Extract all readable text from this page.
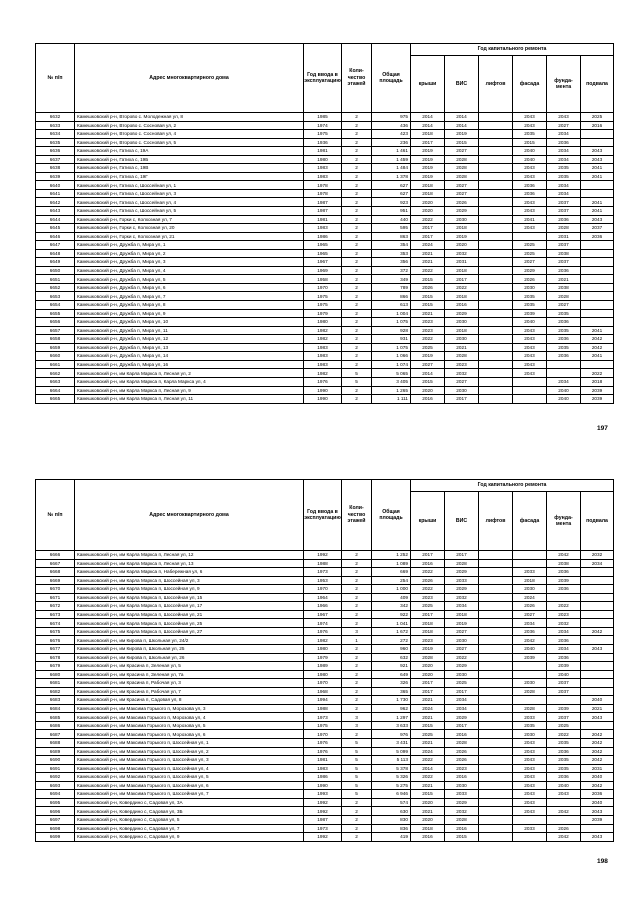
№ п/п	Адрес многоквартирного дома	Год ввода в эксплуатацию	Коли-чество этажей	Общая площадь	Год капитального ремонта					
					крыши	ВИС	лифтов	фасада	фунда-мента	подвала
6632	Камешковский р-н, Второво с. Молодежная ул, 8	1985	2	975	2014	2014		2043	2043	2025
6633	Камешковский р-н, Второво с. Сосновая ул, 2	1974	2	436	2014	2014		2043	2027	2016
6634	Камешковский р-н, Второво с. Сосновая ул, 4	1975	2	423	2018	2019		2035	2034	
6635	Камешковский р-н, Второво с. Сосновая ул, 5	1936	2	236	2017	2015		2015	2036	
6636	Камешковский р-н, Гатиха с, 19А	1981	2	1 461	2019	2027		2040	2034	2043
6637	Камешковский р-н, Гатиха с, 19Б	1980	2	1 459	2019	2028		2040	2034	2043
6638	Камешковский р-н, Гатиха с, 19В	1983	2	1 484	2019	2028		2043	2035	2041
6639	Камешковский р-н, Гатиха с, 19Г	1983	2	1 378	2019	2028		2043	2035	2041
6640	Камешковский р-н, Гатиха с, Шоссейная ул, 1	1978	2	627	2018	2027		2036	2034	
6641	Камешковский р-н, Гатиха с, Шоссейная ул, 3	1978	2	627	2018	2027		2036	2034	
6642	Камешковский р-н, Гатиха с, Шоссейная ул, 4	1987	2	923	2020	2026		2043	2037	2041
6643	Камешковский р-н, Гатиха с, Шоссейная ул, 5	1987	2	951	2020	2029		2043	2037	2041
6644	Камешковский р-н, Горки с, Колхозная ул, 7	1981	2	440	2022	2030		2041	2036	2043
6645	Камешковский р-н, Горки с, Колхозная ул, 20	1983	2	595	2017	2018		2043	2028	2037
6646	Камешковский р-н, Горки с, Колхозная ул, 21	1986	2	863	2017	2019			2031	2036
6647	Камешковский р-н, Дружба п, Мира ул, 1	1965	2	354	2024	2020		2025	2037	
6648	Камешковский р-н, Дружба п, Мира ул, 2	1965	2	353	2021	2032		2025	2038	
6649	Камешковский р-н, Дружба п, Мира ул, 3	1967	2	356	2021	2031		2027	2037	
6650	Камешковский р-н, Дружба п, Мира ул, 4	1969	2	372	2022	2018		2029	2036	
6651	Камешковский р-н, Дружба п, Мира ул, 5	1958	2	349	2015	2017		2026	2021	
6652	Камешковский р-н, Дружба п, Мира ул, 6	1970	2	789	2026	2022		2030	2038	
6653	Камешковский р-н, Дружба п, Мира ул, 7	1975	2	866	2015	2018		2035	2028	
6654	Камешковский р-н, Дружба п, Мира ул, 8	1975	2	613	2015	2016		2035	2027	
6655	Камешковский р-н, Дружба п, Мира ул, 9	1979	2	1 004	2021	2029		2039	2035	
6656	Камешковский р-н, Дружба п, Мира ул, 10	1980	2	1 075	2023	2030		2040	2036	
6657	Камешковский р-н, Дружба п, Мира ул, 11	1982	2	928	2023	2018		2043	2035	2041
6658	Камешковский р-н, Дружба п, Мира ул, 12	1982	2	931	2022	2030		2043	2036	2042
6659	Камешковский р-н, Дружба п, Мира ул, 13	1983	2	1 075	2025	2021		2043	2035	2042
6660	Камешковский р-н, Дружба п, Мира ул, 14	1983	2	1 066	2019	2028		2043	2036	2041
6661	Камешковский р-н, Дружба п, Мира ул, 16	1983	2	1 074	2027	2023		2043		
6662	Камешковский р-н, им Карла Маркса п, Лесная ул, 2	1982	5	5 065	2014	2032		2043		2022
6663	Камешковский р-н, им Карла Маркса п, Карла Маркса ул, 4	1976	5	3 405	2015	2027			2034	2018
6664	Камешковский р-н, им Карла Маркса п, Лесная ул, 9	1990	2	1 265	2020	2030			2040	2039
6665	Камешковский р-н, им Карла Маркса п, Лесная ул, 11	1990	2	1 111	2016	2017			2040	2039
197
№ п/п	Адрес многоквартирного дома	Год ввода в эксплуатацию	Коли-чество этажей	Общая площадь	Год капитального ремонта					
					крыши	ВИС	лифтов	фасада	фунда-мента	подвала
6666	Камешковский р-н, им Карла Маркса п, Лесная ул, 12	1992	2	1 252	2017	2017			2042	2032
6667	Камешковский р-н, им Карла Маркса п, Лесная ул, 13	1988	2	1 089	2016	2028			2038	2034
6668	Камешковский р-н, им Карла Маркса п, Набережная ул, 6	1973	2	669	2022	2029		2033	2036	
6669	Камешковский р-н, им Карла Маркса п, Шоссейная ул, 3	1953	2	254	2026	2033		2018	2039	
6670	Камешковский р-н, им Карла Маркса п, Шоссейная ул, 9	1970	2	1 000	2022	2029		2030	2036	
6671	Камешковский р-н, им Карла Маркса п, Шоссейная ул, 15	1964	2	409	2023	2032		2024		
6672	Камешковский р-н, им Карла Маркса п, Шоссейная ул, 17	1966	2	342	2025	2034		2026	2022	
6673	Камешковский р-н, им Карла Маркса п, Шоссейная ул, 21	1967	2	922	2017	2018		2027	2023	
6674	Камешковский р-н, им Карла Маркса п, Шоссейная ул, 25	1974	2	1 041	2018	2019		2034	2032	
6675	Камешковский р-н, им Карла Маркса п, Шоссейная ул, 27	1976	3	1 672	2018	2027		2036	2034	2042
6676	Камешковский р-н, им Кирова п, Школьная ул, 24/2	1982	1	272	2023	2030		2042	2036	
6677	Камешковский р-н, им Кирова п, Школьная ул, 25	1980	2	960	2019	2027		2040	2034	2043
6678	Камешковский р-н, им Кирова п, Школьная ул, 26	1979	2	632	2028	2022		2039	2036	
6679	Камешковский р-н, им Красина п, Зеленая ул, 5	1989	2	921	2020	2029			2039	
6680	Камешковский р-н, им Красина п, Зеленая ул, 7а	1980	2	649	2020	2030			2040	
6681	Камешковский р-н, им Красина п, Рабочая ул, 3	1970	2	326	2017	2025		2030	2037	
6682	Камешковский р-н, им Красина п, Рабочая ул, 7	1968	2	365	2017	2017		2028	2037	
6683	Камешковский р-н, им Красина п, Садовая ул, 8	1994	2	1 730	2021	2034				2040
6684	Камешковский р-н, им Максима Горького п, Морозова ул, 3	1988	2	962	2024	2034		2028	2039	2021
6685	Камешковский р-н, им Максима Горького п, Морозова ул, 4	1973	3	1 297	2021	2029		2033	2037	2043
6686	Камешковский р-н, им Максима Горького п, Морозова ул, 5	1975	3	3 633	2015	2017		2035	2025	
6687	Камешковский р-н, им Максима Горького п, Морозова ул, 6	1970	2	976	2025	2016		2030	2022	2042
6688	Камешковский р-н, им Максима Горького п, Шоссейная ул, 1	1976	5	3 431	2021	2028		2043	2035	2042
6689	Камешковский р-н, им Максима Горького п, Шоссейная ул, 2	1976	5	5 099	2024	2026		2043	2036	2042
6690	Камешковский р-н, им Максима Горького п, Шоссейная ул, 3	1981	5	5 113	2022	2026		2043	2035	2042
6691	Камешковский р-н, им Максима Горького п, Шоссейная ул, 4	1983	5	5 378	2014	2023		2043	2035	2031
6692	Камешковский р-н, им Максима Горького п, Шоссейная ул, 5	1986	5	5 326	2022	2016		2043	2036	2040
6693	Камешковский р-н, им Максима Горького п, Шоссейная ул, 6	1990	5	5 275	2021	2030		2043	2040	2042
6694	Камешковский р-н, им Максима Горького п, Шоссейная ул, 7	1993	5	6 946	2015	2033		2043	2043	2036
6695	Камешковский р-н, Ковердино с, Садовая ул, 3А	1992	2	574	2020	2029		2043		2040
6696	Камешковский р-н, Ковердино с, Садовая ул, 3Б	1992	2	630	2021	2032		2043	2042	2043
6697	Камешковский р-н, Ковердино с, Садовая ул, 5	1987	2	830	2020	2028				2039
6698	Камешковский р-н, Ковердино с, Садовая ул, 7	1973	2	836	2018	2016		2033	2026	
6699	Камешковский р-н, Ковердино с, Садовая ул, 9	1992	2	419	2016	2015			2042	2043
198
